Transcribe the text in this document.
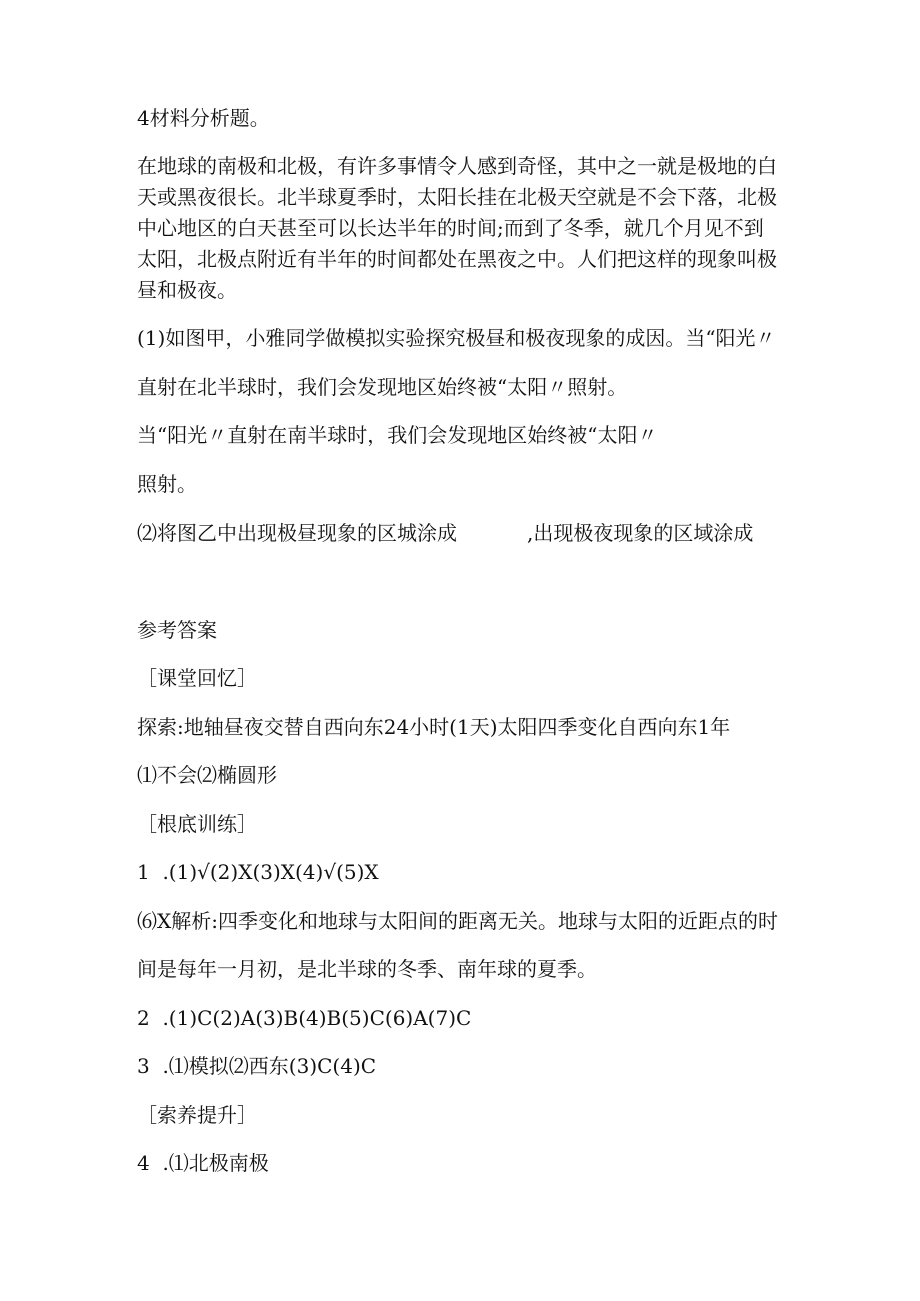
4材料分析题。
在地球的南极和北极，有许多事情令人感到奇怪，其中之一就是极地的白
天或黑夜很长。北半球夏季时，太阳长挂在北极天空就是不会下落，北极
中心地区的白天甚至可以长达半年的时间;而到了冬季，就几个月见不到
太阳，北极点附近有半年的时间都处在黑夜之中。人们把这样的现象叫极
昼和极夜。
(1)如图甲，小雅同学做模拟实验探究极昼和极夜现象的成因。当“阳光〃
直射在北半球时，我们会发现地区始终被“太阳〃照射。
当“阳光〃直射在南半球时，我们会发现地区始终被“太阳〃
照射。
⑵将图乙中出现极昼现象的区城涂成	,出现极夜现象的区域涂成
参考答案
［课堂回忆］
探索:地轴昼夜交替自西向东24小时(1天)太阳四季变化自西向东1年
⑴不会⑵椭圆形
［根底训练］
1  .(1)√(2)X(3)X(4)√(5)X
⑹X解析:四季变化和地球与太阳间的距离无关。地球与太阳的近距点的时
间是每年一月初，是北半球的冬季、南年球的夏季。
2  .(1)C(2)A(3)B(4)B(5)C(6)A(7)C
3  .⑴模拟⑵西东(3)C(4)C
［索养提升］
4  .⑴北极南极
